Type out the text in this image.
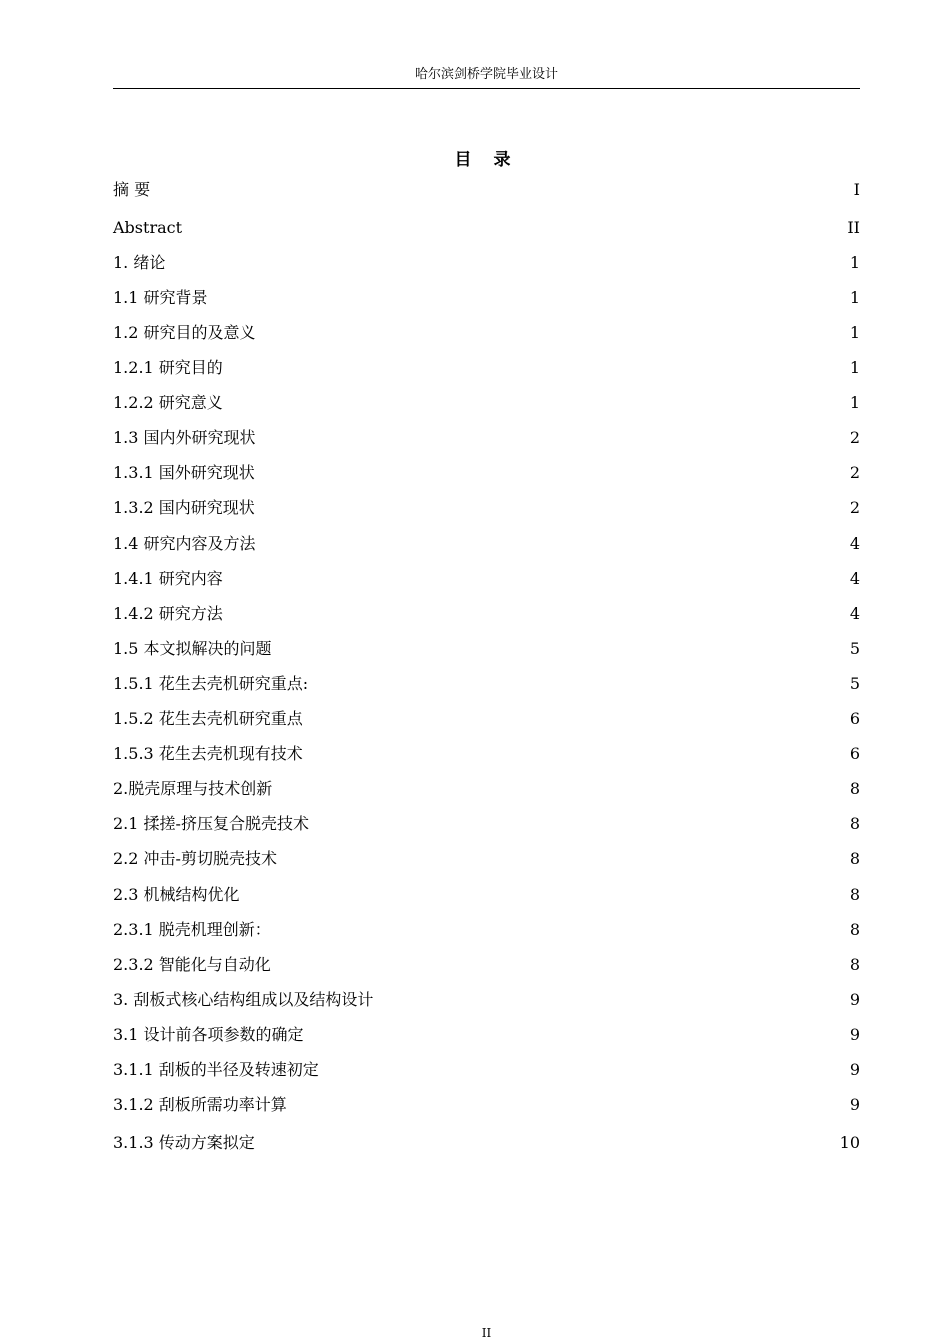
哈尔滨剑桥学院毕业设计
目 录
摘 要	I
Abstract	II
1. 绪论	1
1.1 研究背景	1
1.2 研究目的及意义	1
1.2.1 研究目的	1
1.2.2 研究意义	1
1.3 国内外研究现状	2
1.3.1 国外研究现状	2
1.3.2 国内研究现状	2
1.4 研究内容及方法	4
1.4.1 研究内容	4
1.4.2 研究方法	4
1.5 本文拟解决的问题	5
1.5.1 花生去壳机研究重点:	5
1.5.2 花生去壳机研究重点	6
1.5.3 花生去壳机现有技术	6
2.脱壳原理与技术创新	8
2.1 揉搓-挤压复合脱壳技术	8
2.2 冲击-剪切脱壳技术	8
2.3 机械结构优化	8
2.3.1 脱壳机理创新：	8
2.3.2 智能化与自动化	8
3. 刮板式核心结构组成以及结构设计	9
3.1 设计前各项参数的确定	9
3.1.1 刮板的半径及转速初定	9
3.1.2 刮板所需功率计算	9
3.1.3 传动方案拟定	10
II
